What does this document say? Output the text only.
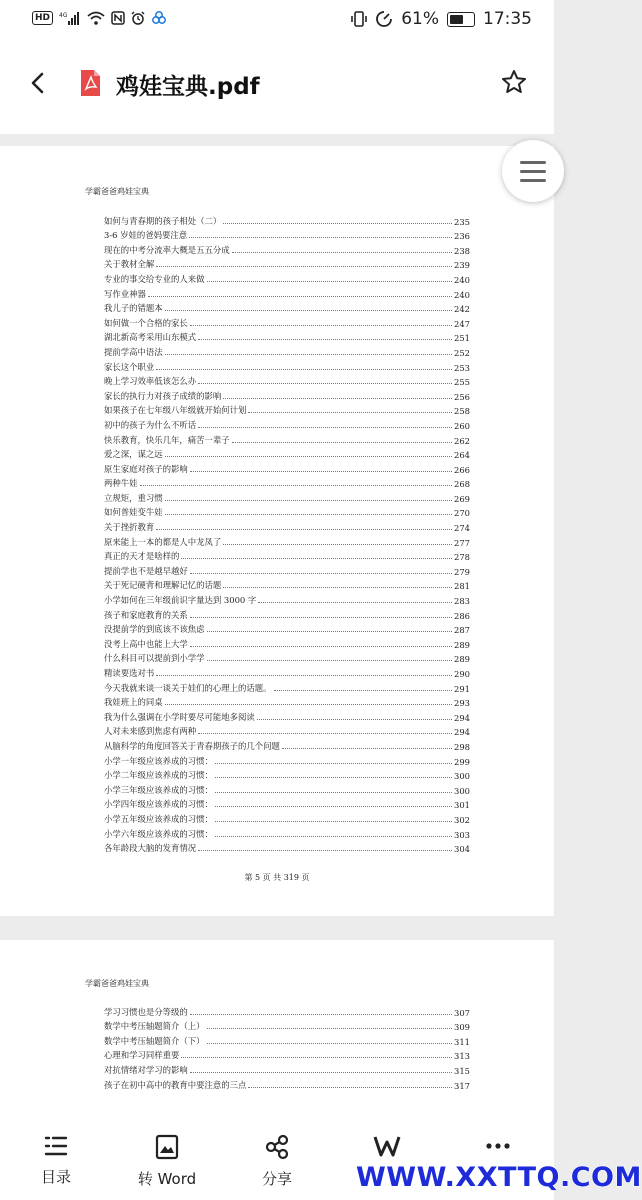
HD	4G	61%	17:35
鸡娃宝典.pdf
学霸爸爸鸡娃宝典
如何与青春期的孩子相处（二）	235
3-6 岁娃的爸妈要注意	236
现在的中考分流率大概是五五分成	238
关于教材全解	239
专业的事交给专业的人来做	240
写作业神器	240
我儿子的错题本	242
如何做一个合格的家长	247
湖北新高考采用山东模式	251
提前学高中语法	252
家长这个职业	253
晚上学习效率低该怎么办	255
家长的执行力对孩子成绩的影响	256
如果孩子在七年级八年级就开始何计划	258
初中的孩子为什么不听话	260
快乐教育，快乐几年，痛苦一辈子	262
爱之深，谋之远	264
原生家庭对孩子的影响	266
两种牛娃	268
立规矩，重习惯	269
如何普娃变牛娃	270
关于挫折教育	274
原来能上一本的都是人中龙凤了	277
真正的天才是啥样的	278
提前学也不是越早越好	279
关于死记硬背和理解记忆的话题	281
小学如何在三年级前识字量达到 3000 字	283
孩子和家庭教育的关系	286
没提前学的到底该不该焦虑	287
没考上高中也能上大学	289
什么科目可以提前到小学学	289
精读要选对书	290
今天我就来谈一谈关于娃们的心理上的话题。	291
我娃班上的同桌	293
我为什么强调在小学时要尽可能地多阅读	294
人对未来感到焦虑有两种	294
从脑科学的角度回答关于青春期孩子的几个问题	298
小学一年级应该养成的习惯：	299
小学二年级应该养成的习惯：	300
小学三年级应该养成的习惯：	300
小学四年级应该养成的习惯：	301
小学五年级应该养成的习惯：	302
小学六年级应该养成的习惯：	303
各年龄段大脑的发育情况	304
第 5 页 共 319 页
学霸爸爸鸡娃宝典
学习习惯也是分等级的	307
数学中考压轴题简介（上）	309
数学中考压轴题简介（下）	311
心理和学习同样重要	313
对抗情绪对学习的影响	315
孩子在初中高中的教育中要注意的三点	317
目录	转 Word	分享	WWW.XXTTQ.COM
